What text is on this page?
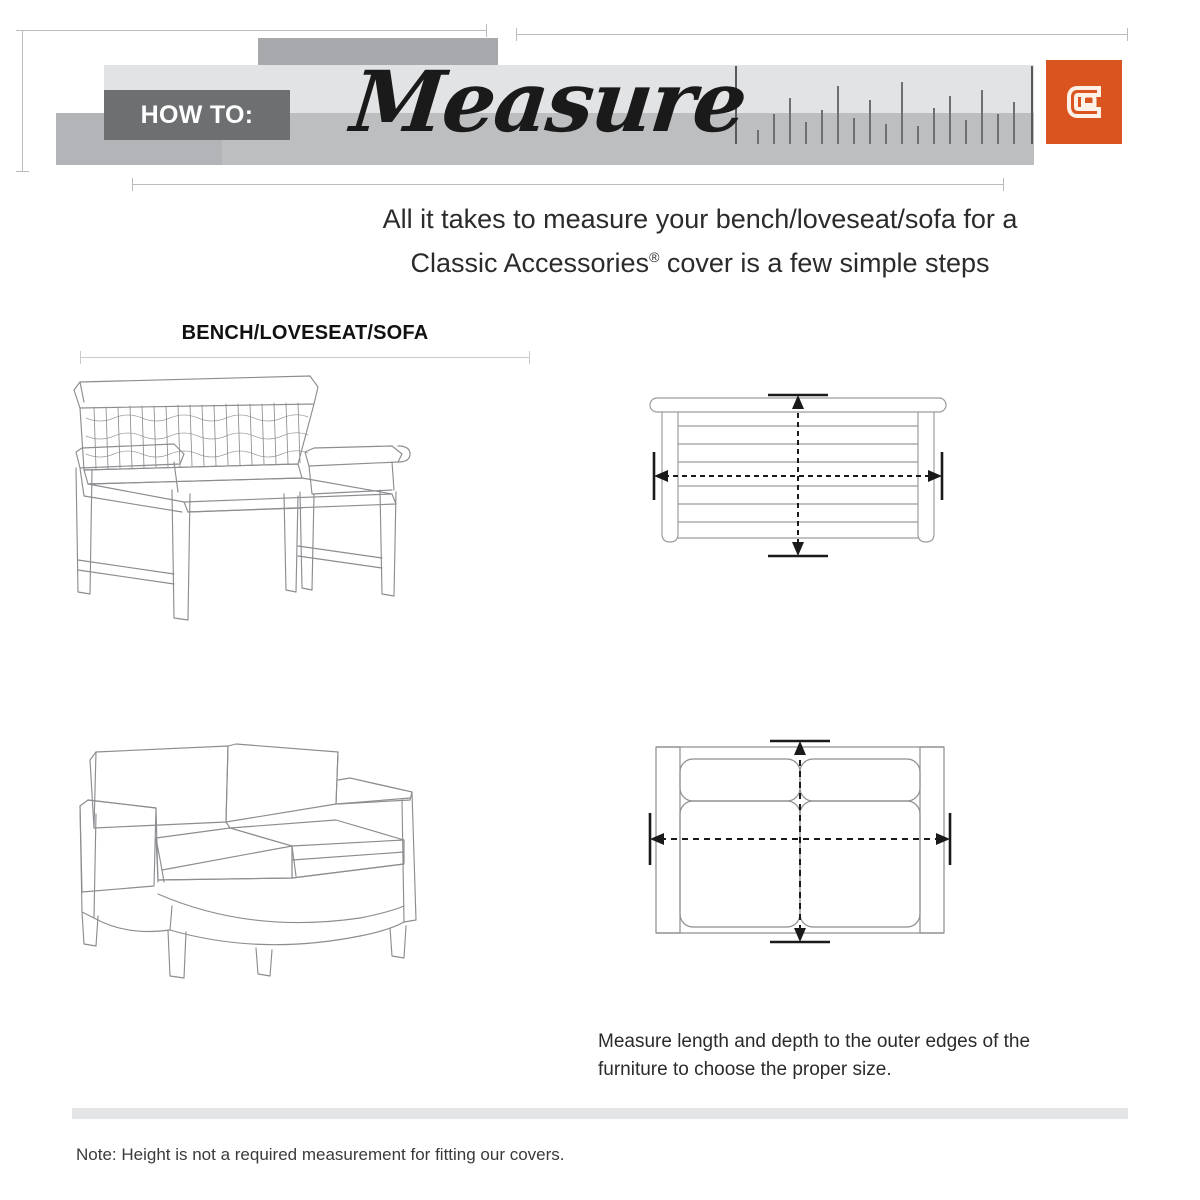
HOW TO:	Measure
All it takes to measure your bench/loveseat/sofa for a
Classic Accessories® cover is a few simple steps
BENCH/LOVESEAT/SOFA
Measure length and depth to the outer edges of the
furniture to choose the proper size.
Note: Height is not a required measurement for fitting our covers.
